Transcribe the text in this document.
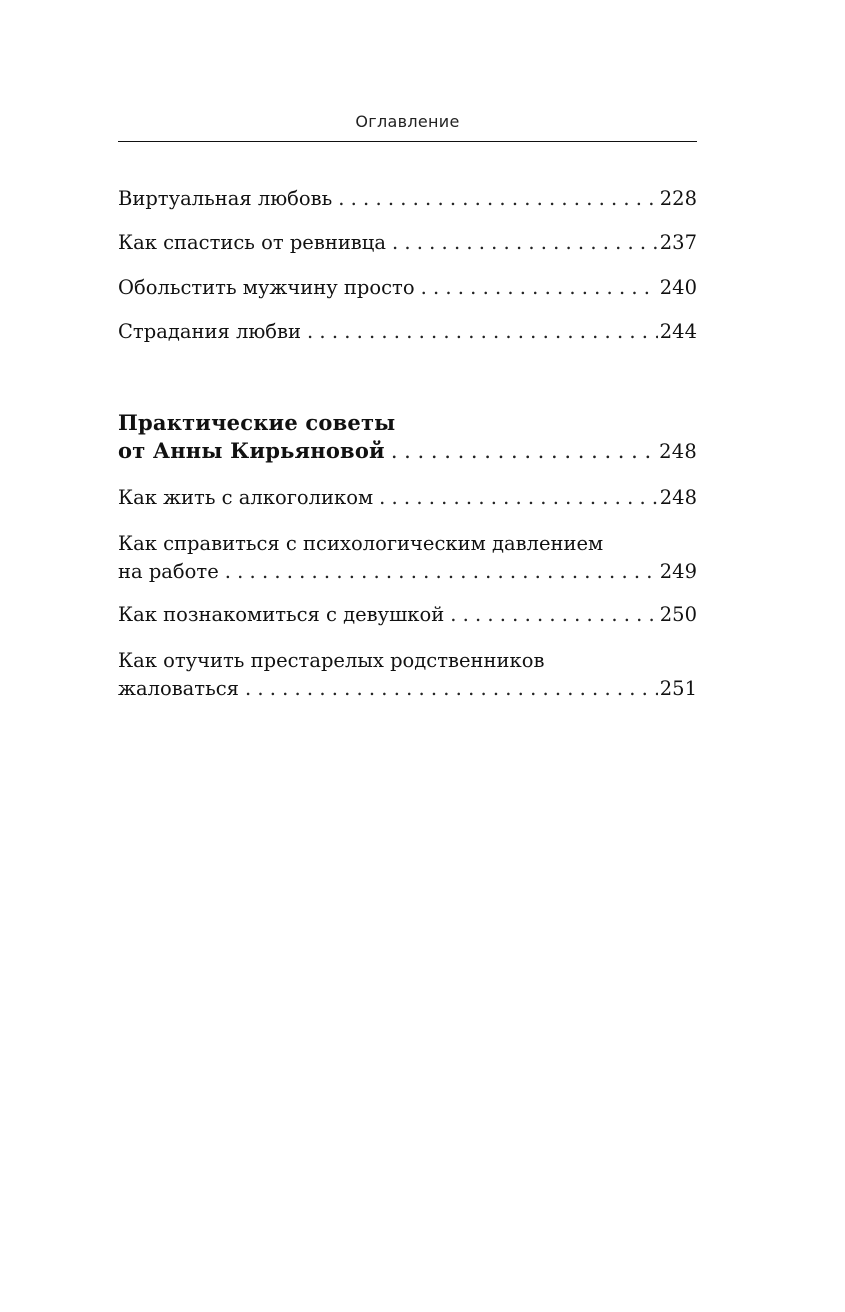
Оглавление
Виртуальная любовь . . .	228
Как спастись от ревнивца . . .	237
Обольстить мужчину просто . . .	240
Страдания любви . . .	244
Практические советы
от Анны Кирьяновой . . .	248
Как жить с алкоголиком . . .	248
Как справиться с психологическим давлением
на работе . . .	249
Как познакомиться с девушкой . . .	250
Как отучить престарелых родственников
жаловаться . . .	251
